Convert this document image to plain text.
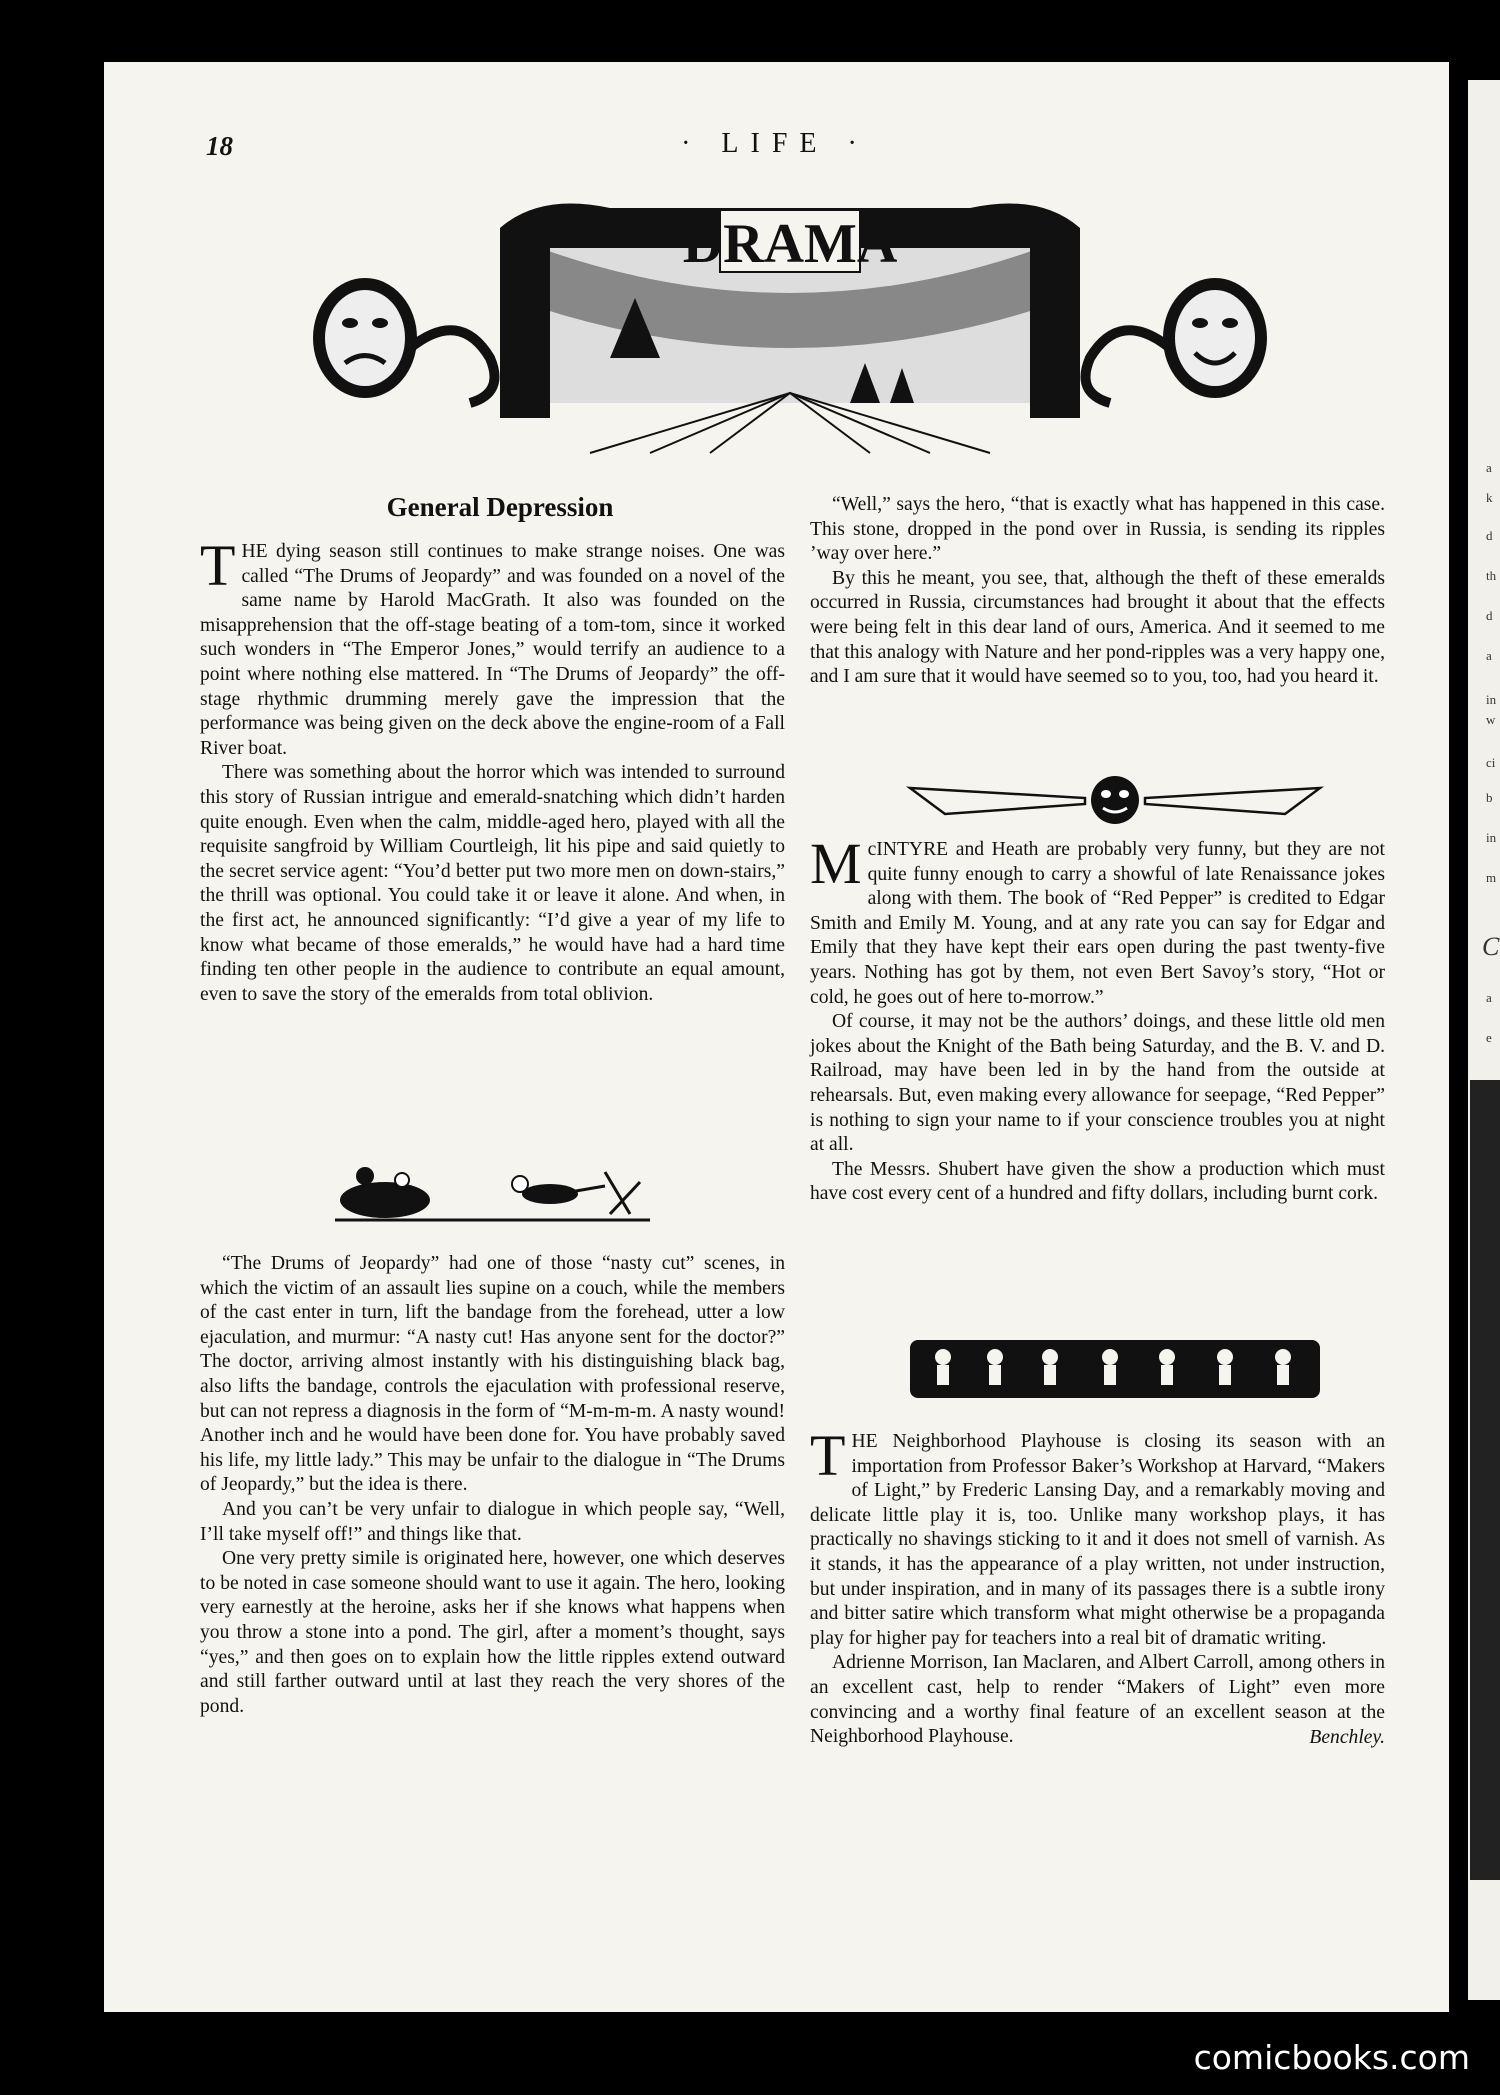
a
k
d
th
d
a
in
w
ci
b
in
m
C
a
e
18	· LIFE ·
DRAMA
General Depression

THE dying season still continues to make strange noises. One was called “The Drums of Jeopardy” and was founded on a novel of the same name by Harold MacGrath. It also was founded on the misapprehension that the off-stage beating of a tom-tom, since it worked such wonders in “The Emperor Jones,” would terrify an audience to a point where nothing else mattered. In “The Drums of Jeopardy” the off-stage rhythmic drumming merely gave the impression that the performance was being given on the deck above the engine-room of a Fall River boat.

There was something about the horror which was intended to surround this story of Russian intrigue and emerald-snatching which didn’t harden quite enough. Even when the calm, middle-aged hero, played with all the requisite sangfroid by William Courtleigh, lit his pipe and said quietly to the secret service agent: “You’d better put two more men on down-stairs,” the thrill was optional. You could take it or leave it alone. And when, in the first act, he announced significantly: “I’d give a year of my life to know what became of those emeralds,” he would have had a hard time finding ten other people in the audience to contribute an equal amount, even to save the story of the emeralds from total oblivion.

“The Drums of Jeopardy” had one of those “nasty cut” scenes, in which the victim of an assault lies supine on a couch, while the members of the cast enter in turn, lift the bandage from the forehead, utter a low ejaculation, and murmur: “A nasty cut! Has anyone sent for the doctor?” The doctor, arriving almost instantly with his distinguishing black bag, also lifts the bandage, controls the ejaculation with professional reserve, but can not repress a diagnosis in the form of “M-m-m-m. A nasty wound! Another inch and he would have been done for. You have probably saved his life, my little lady.” This may be unfair to the dialogue in “The Drums of Jeopardy,” but the idea is there.

And you can’t be very unfair to dialogue in which people say, “Well, I’ll take myself off!” and things like that.

One very pretty simile is originated here, however, one which deserves to be noted in case someone should want to use it again. The hero, looking very earnestly at the heroine, asks her if she knows what happens when you throw a stone into a pond. The girl, after a moment’s thought, says “yes,” and then goes on to explain how the little ripples extend outward and still farther outward until at last they reach the very shores of the pond.

“Well,” says the hero, “that is exactly what has happened in this case. This stone, dropped in the pond over in Russia, is sending its ripples ’way over here.”

By this he meant, you see, that, although the theft of these emeralds occurred in Russia, circumstances had brought it about that the effects were being felt in this dear land of ours, America. And it seemed to me that this analogy with Nature and her pond-ripples was a very happy one, and I am sure that it would have seemed so to you, too, had you heard it.

McINTYRE and Heath are probably very funny, but they are not quite funny enough to carry a showful of late Renaissance jokes along with them. The book of “Red Pepper” is credited to Edgar Smith and Emily M. Young, and at any rate you can say for Edgar and Emily that they have kept their ears open during the past twenty-five years. Nothing has got by them, not even Bert Savoy’s story, “Hot or cold, he goes out of here to-morrow.”

Of course, it may not be the authors’ doings, and these little old men jokes about the Knight of the Bath being Saturday, and the B. V. and D. Railroad, may have been led in by the hand from the outside at rehearsals. But, even making every allowance for seepage, “Red Pepper” is nothing to sign your name to if your conscience troubles you at night at all.

The Messrs. Shubert have given the show a production which must have cost every cent of a hundred and fifty dollars, including burnt cork.

THE Neighborhood Playhouse is closing its season with an importation from Professor Baker’s Workshop at Harvard, “Makers of Light,” by Frederic Lansing Day, and a remarkably moving and delicate little play it is, too. Unlike many workshop plays, it has practically no shavings sticking to it and it does not smell of varnish. As it stands, it has the appearance of a play written, not under instruction, but under inspiration, and in many of its passages there is a subtle irony and bitter satire which transform what might otherwise be a propaganda play for higher pay for teachers into a real bit of dramatic writing.

Adrienne Morrison, Ian Maclaren, and Albert Carroll, among others in an excellent cast, help to render “Makers of Light” even more convincing and a worthy final feature of an excellent season at the Neighborhood Playhouse.	Benchley.
comicbooks.com
